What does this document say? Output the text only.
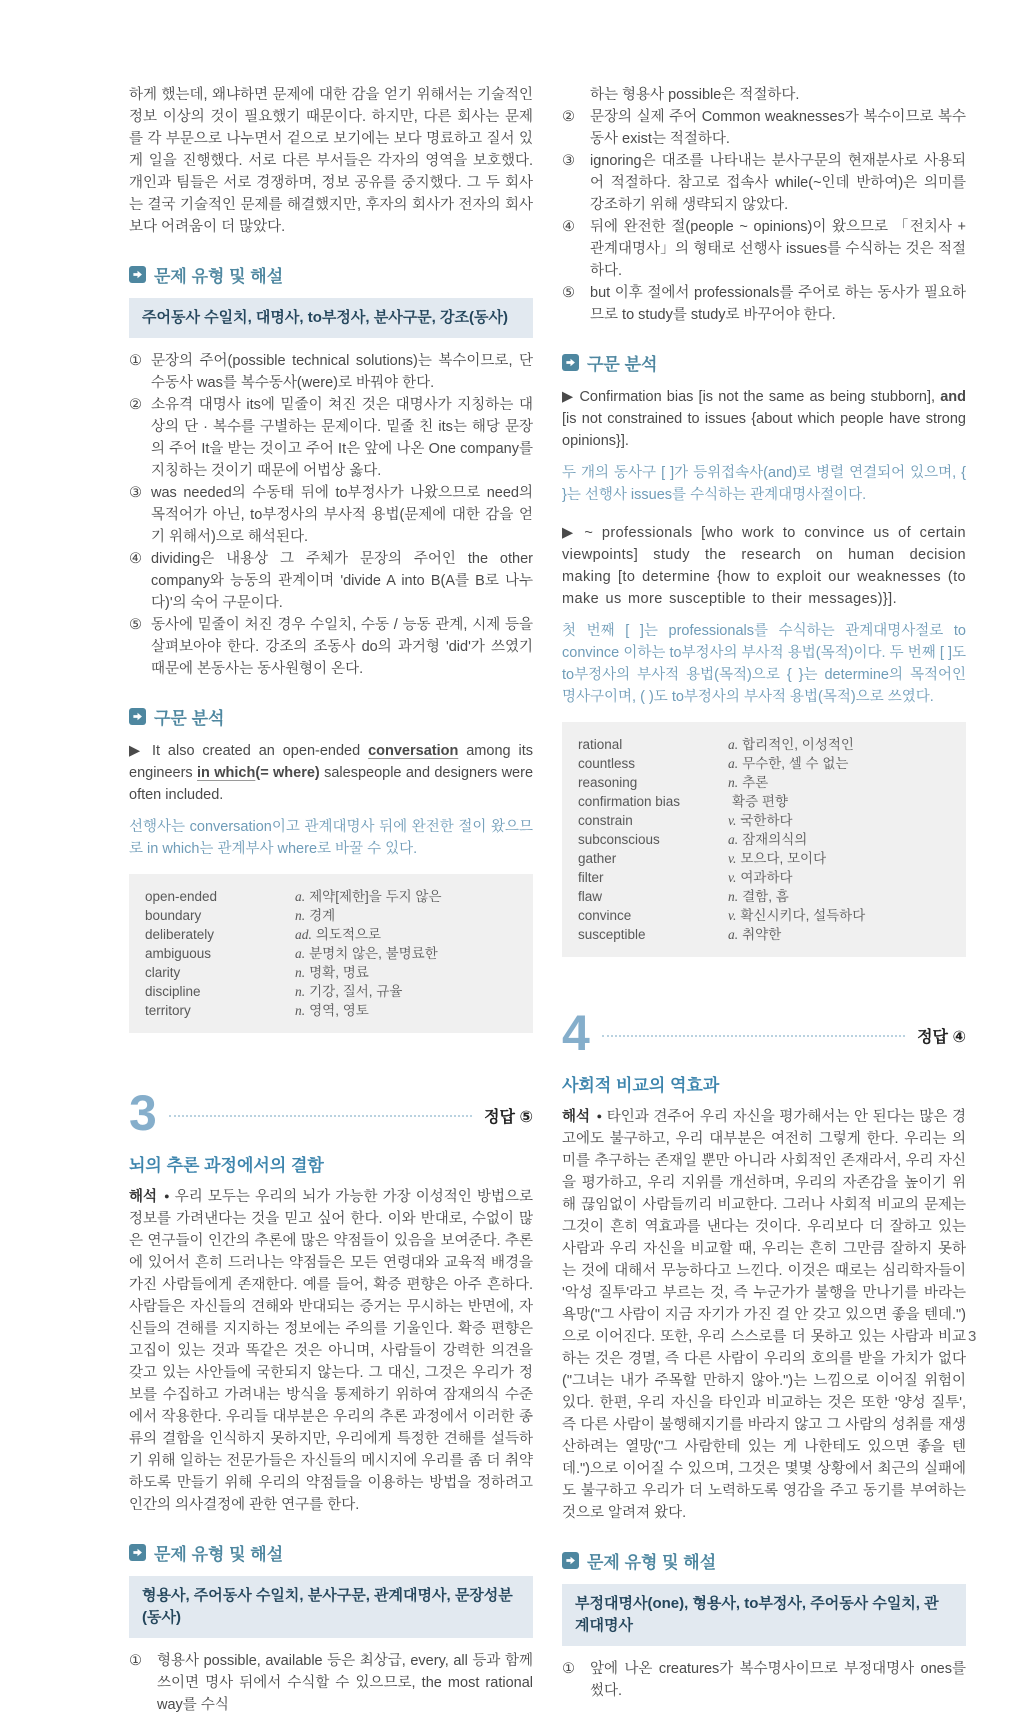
하게 했는데, 왜냐하면 문제에 대한 감을 얻기 위해서는 기술적인 정보 이상의 것이 필요했기 때문이다. 하지만, 다른 회사는 문제를 각 부문으로 나누면서 겉으로 보기에는 보다 명료하고 질서 있게 일을 진행했다. 서로 다른 부서들은 각자의 영역을 보호했다. 개인과 팀들은 서로 경쟁하며, 정보 공유를 중지했다. 그 두 회사는 결국 기술적인 문제를 해결했지만, 후자의 회사가 전자의 회사보다 어려움이 더 많았다.

문제 유형 및 해설
주어동사 수일치, 대명사, to부정사, 분사구문, 강조(동사)
① 문장의 주어(possible technical solutions)는 복수이므로, 단수동사 was를 복수동사(were)로 바꿔야 한다.
② 소유격 대명사 its에 밑줄이 쳐진 것은 대명사가 지칭하는 대상의 단 · 복수를 구별하는 문제이다. 밑줄 친 its는 해당 문장의 주어 It을 받는 것이고 주어 It은 앞에 나온 One company를 지칭하는 것이기 때문에 어법상 옳다.
③ was needed의 수동태 뒤에 to부정사가 나왔으므로 need의 목적어가 아닌, to부정사의 부사적 용법(문제에 대한 감을 얻기 위해서)으로 해석된다.
④ dividing은 내용상 그 주체가 문장의 주어인 the other company와 능동의 관계이며 'divide A into B(A를 B로 나누다)'의 숙어 구문이다.
⑤ 동사에 밑줄이 처진 경우 수일치, 수동 / 능동 관계, 시제 등을 살펴보아야 한다. 강조의 조동사 do의 과거형 'did'가 쓰였기 때문에 본동사는 동사원형이 온다.
구문 분석

▶ It also created an open-ended conversation among its engineers in which(= where) salespeople and designers were often included.

선행사는 conversation이고 관계대명사 뒤에 완전한 절이 왔으므로 in which는 관계부사 where로 바꿀 수 있다.

open-ended	a. 제약[제한]을 두지 않은
boundary	n. 경계
deliberately	ad. 의도적으로
ambiguous	a. 분명치 않은, 불명료한
clarity	n. 명확, 명료
discipline	n. 기강, 질서, 규율
territory	n. 영역, 영토
3	정답 ⑤
뇌의 추론 과정에서의 결함

해석 ● 우리 모두는 우리의 뇌가 가능한 가장 이성적인 방법으로 정보를 가려낸다는 것을 믿고 싶어 한다. 이와 반대로, 수없이 많은 연구들이 인간의 추론에 많은 약점들이 있음을 보여준다. 추론에 있어서 흔히 드러나는 약점들은 모든 연령대와 교육적 배경을 가진 사람들에게 존재한다. 예를 들어, 확증 편향은 아주 흔하다. 사람들은 자신들의 견해와 반대되는 증거는 무시하는 반면에, 자신들의 견해를 지지하는 정보에는 주의를 기울인다. 확증 편향은 고집이 있는 것과 똑같은 것은 아니며, 사람들이 강력한 의견을 갖고 있는 사안들에 국한되지 않는다. 그 대신, 그것은 우리가 정보를 수집하고 가려내는 방식을 통제하기 위하여 잠재의식 수준에서 작용한다. 우리들 대부분은 우리의 추론 과정에서 이러한 종류의 결함을 인식하지 못하지만, 우리에게 특정한 견해를 설득하기 위해 일하는 전문가들은 자신들의 메시지에 우리를 좀 더 취약하도록 만들기 위해 우리의 약점들을 이용하는 방법을 정하려고 인간의 의사결정에 관한 연구를 한다.

문제 유형 및 해설
형용사, 주어동사 수일치, 분사구문, 관계대명사, 문장성분 (동사)
①	형용사 possible, available 등은 최상급, every, all 등과 함께 쓰이면 명사 뒤에서 수식할 수 있으므로, the most rational way를 수식

하는 형용사 possible은 적절하다.

②	문장의 실제 주어 Common weaknesses가 복수이므로 복수동사 exist는 적절하다.
③	ignoring은 대조를 나타내는 분사구문의 현재분사로 사용되어 적절하다. 참고로 접속사 while(~인데 반하여)은 의미를 강조하기 위해 생략되지 않았다.
④	뒤에 완전한 절(people ~ opinions)이 왔으므로 「전치사 + 관계대명사」의 형태로 선행사 issues를 수식하는 것은 적절하다.
⑤	but 이후 절에서 professionals를 주어로 하는 동사가 필요하므로 to study를 study로 바꾸어야 한다.
구문 분석

▶ Confirmation bias [is not the same as being stubborn], and [is not constrained to issues {about which people have strong opinions}].

두 개의 동사구 [ ]가 등위접속사(and)로 병렬 연결되어 있으며, { }는 선행사 issues를 수식하는 관계대명사절이다.

▶ ~ professionals [who work to convince us of certain viewpoints] study the research on human decision making [to determine {how to exploit our weaknesses (to make us more susceptible to their messages)}].

첫 번째 [ ]는 professionals를 수식하는 관계대명사절로 to convince 이하는 to부정사의 부사적 용법(목적)이다. 두 번째 [ ]도 to부정사의 부사적 용법(목적)으로 { }는 determine의 목적어인 명사구이며, ( )도 to부정사의 부사적 용법(목적)으로 쓰였다.

rational	a. 합리적인, 이성적인
countless	a. 무수한, 셀 수 없는
reasoning	n. 추론
confirmation bias	확증 편향
constrain	v. 국한하다
subconscious	a. 잠재의식의
gather	v. 모으다, 모이다
filter	v. 여과하다
flaw	n. 결함, 흠
convince	v. 확신시키다, 설득하다
susceptible	a. 취약한
4	정답 ④
사회적 비교의 역효과

해석 ● 타인과 견주어 우리 자신을 평가해서는 안 된다는 많은 경고에도 불구하고, 우리 대부분은 여전히 그렇게 한다. 우리는 의미를 추구하는 존재일 뿐만 아니라 사회적인 존재라서, 우리 자신을 평가하고, 우리 지위를 개선하며, 우리의 자존감을 높이기 위해 끊임없이 사람들끼리 비교한다. 그러나 사회적 비교의 문제는 그것이 흔히 역효과를 낸다는 것이다. 우리보다 더 잘하고 있는 사람과 우리 자신을 비교할 때, 우리는 흔히 그만큼 잘하지 못하는 것에 대해서 무능하다고 느낀다. 이것은 때로는 심리학자들이 '악성 질투'라고 부르는 것, 즉 누군가가 불행을 만나기를 바라는 욕망("그 사람이 지금 자기가 가진 걸 안 갖고 있으면 좋을 텐데.")으로 이어진다. 또한, 우리 스스로를 더 못하고 있는 사람과 비교하는 것은 경멸, 즉 다른 사람이 우리의 호의를 받을 가치가 없다("그녀는 내가 주목할 만하지 않아.")는 느낌으로 이어질 위험이 있다. 한편, 우리 자신을 타인과 비교하는 것은 또한 '양성 질투', 즉 다른 사람이 불행해지기를 바라지 않고 그 사람의 성취를 재생산하려는 열망("그 사람한테 있는 게 나한테도 있으면 좋을 텐데.")으로 이어질 수 있으며, 그것은 몇몇 상황에서 최근의 실패에도 불구하고 우리가 더 노력하도록 영감을 주고 동기를 부여하는 것으로 알려져 왔다.

문제 유형 및 해설
부정대명사(one), 형용사, to부정사, 주어동사 수일치, 관계대명사
①	앞에 나온 creatures가 복수명사이므로 부정대명사 ones를 썼다.
3
